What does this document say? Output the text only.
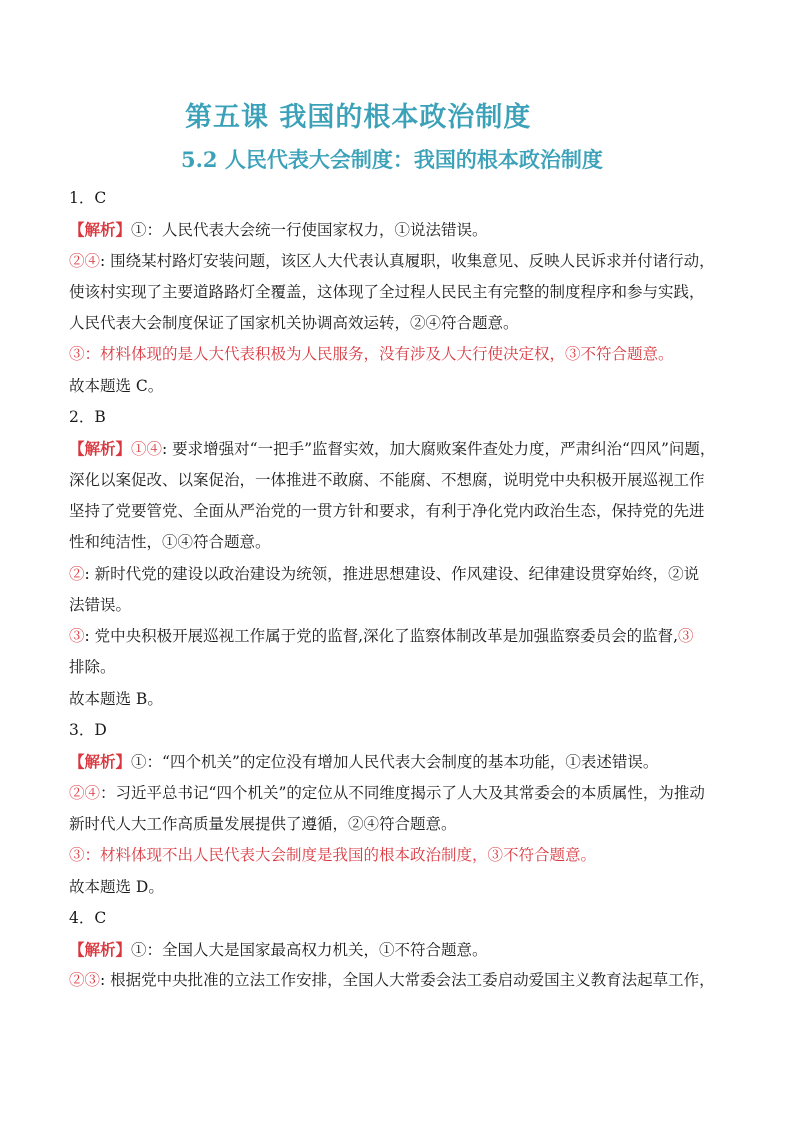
第五课 我国的根本政治制度
5.2 人民代表大会制度：我国的根本政治制度
1．C
【解析】①：人民代表大会统一行使国家权力，①说法错误。
②④: 围绕某村路灯安装问题，该区人大代表认真履职，收集意见、反映人民诉求并付诸行动，
使该村实现了主要道路路灯全覆盖，这体现了全过程人民民主有完整的制度程序和参与实践，
人民代表大会制度保证了国家机关协调高效运转，②④符合题意。
③：材料体现的是人大代表积极为人民服务，没有涉及人大行使决定权，③不符合题意。
故本题选 C。
2．B
【解析】①④: 要求增强对“一把手”监督实效，加大腐败案件查处力度，严肃纠治“四风”问题，
深化以案促改、以案促治，一体推进不敢腐、不能腐、不想腐，说明党中央积极开展巡视工作
坚持了党要管党、全面从严治党的一贯方针和要求，有利于净化党内政治生态，保持党的先进
性和纯洁性，①④符合题意。
②: 新时代党的建设以政治建设为统领，推进思想建设、作风建设、纪律建设贯穿始终，②说
法错误。
③: 党中央积极开展巡视工作属于党的监督,深化了监察体制改革是加强监察委员会的监督,③
排除。
故本题选 B。
3．D
【解析】①：“四个机关”的定位没有增加人民代表大会制度的基本功能，①表述错误。
②④：习近平总书记“四个机关”的定位从不同维度揭示了人大及其常委会的本质属性，为推动
新时代人大工作高质量发展提供了遵循，②④符合题意。
③：材料体现不出人民代表大会制度是我国的根本政治制度，③不符合题意。
故本题选 D。
4．C
【解析】①：全国人大是国家最高权力机关，①不符合题意。
②③: 根据党中央批准的立法工作安排，全国人大常委会法工委启动爱国主义教育法起草工作，
